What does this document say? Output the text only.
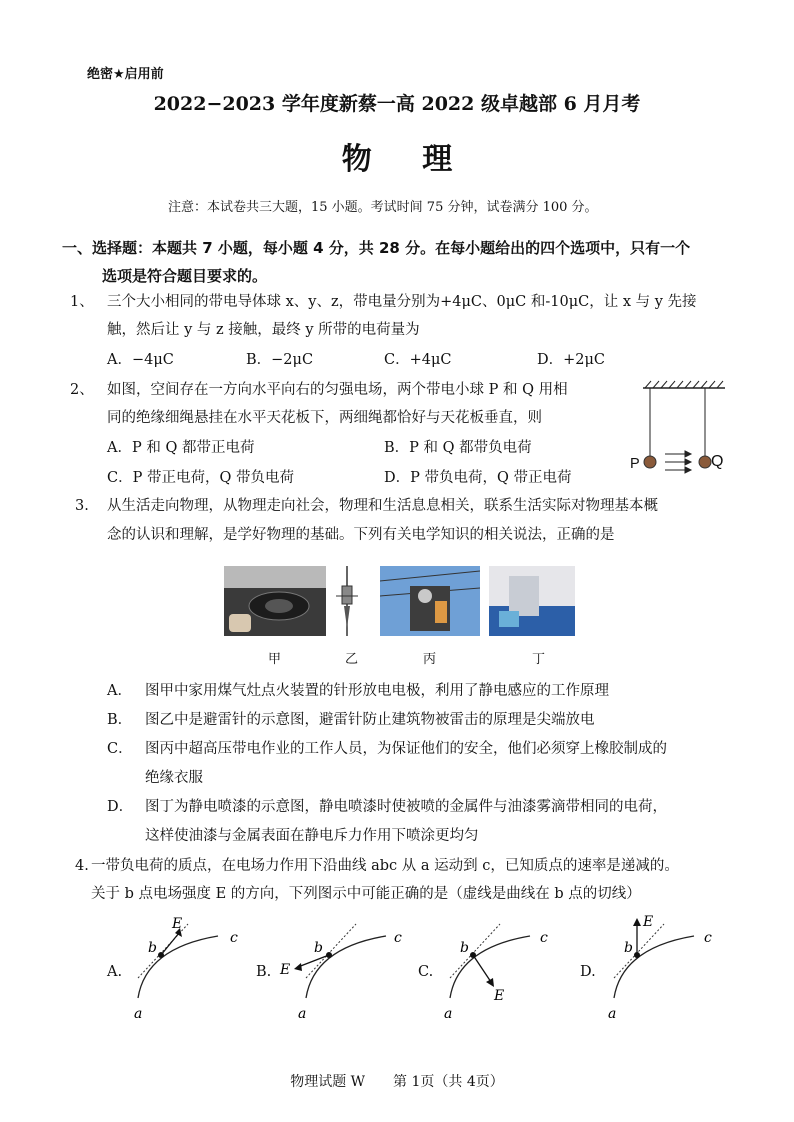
绝密★启用前
2022−2023 学年度新蔡一高 2022 级卓越部 6 月月考
物 理
注意：本试卷共三大题，15 小题。考试时间 75 分钟，试卷满分 100 分。
一、选择题：本题共 7 小题，每小题 4 分，共 28 分。在每小题给出的四个选项中，只有一个
选项是符合题目要求的。
1、 三个大小相同的带电导体球 x、y、z，带电量分别为+4μC、0μC 和-10μC，让 x 与 y 先接
触，然后让 y 与 z 接触，最终 y 所带的电荷量为
A．−4μC	B．−2μC	C．+4μC	D．+2μC
2、 如图，空间存在一方向水平向右的匀强电场，两个带电小球 P 和 Q 用相
同的绝缘细绳悬挂在水平天花板下，两细绳都恰好与天花板垂直，则
A．P 和 Q 都带正电荷	B．P 和 Q 都带负电荷
C．P 带正电荷，Q 带负电荷	D．P 带负电荷，Q 带正电荷
P	Q
3. 从生活走向物理，从物理走向社会，物理和生活息息相关，联系生活实际对物理基本概
念的认识和理解，是学好物理的基础。下列有关电学知识的相关说法，正确的是
甲	乙	丙	丁
A． 图甲中家用煤气灶点火装置的针形放电电极，利用了静电感应的工作原理
B． 图乙中是避雷针的示意图，避雷针防止建筑物被雷击的原理是尖端放电
C． 图丙中超高压带电作业的工作人员，为保证他们的安全，他们必须穿上橡胶制成的
绝缘衣服
D． 图丁为静电喷漆的示意图，静电喷漆时使被喷的金属件与油漆雾滴带相同的电荷，
这样使油漆与金属表面在静电斥力作用下喷涂更均匀
4. 一带负电荷的质点，在电场力作用下沿曲线 abc 从 a 运动到 c，已知质点的速率是递减的。
关于 b 点电场强度 E 的方向，下列图示中可能正确的是（虚线是曲线在 b 点的切线）
A.	B.	C.	D.
E
b
c
a
E
b
c
a
E
b
c
a
E
b
c
a
物理试题 W　　第 1页（共 4页）
